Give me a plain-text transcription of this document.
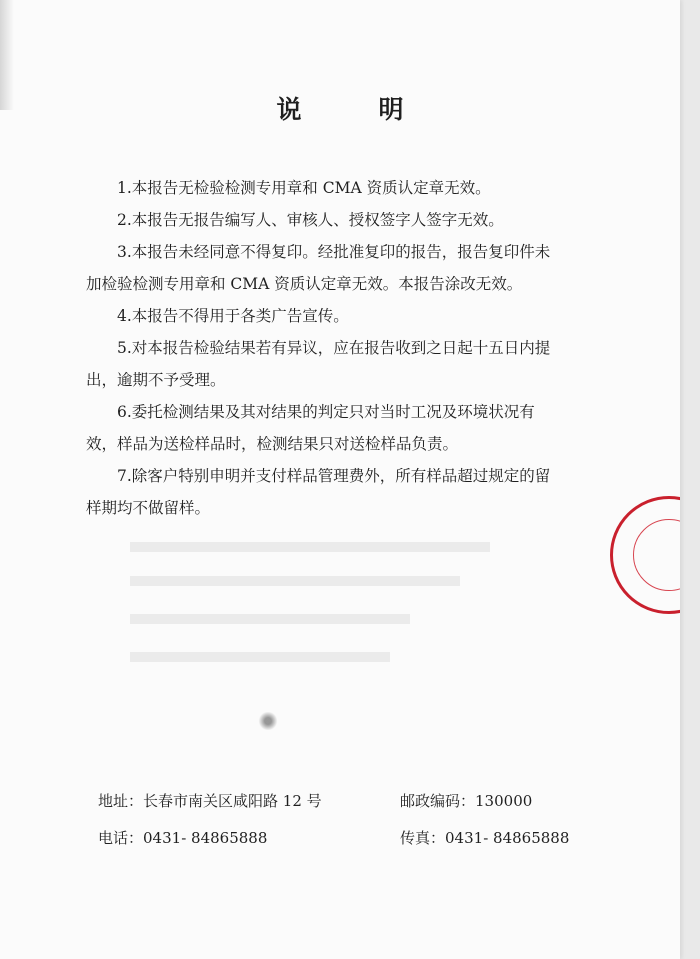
说　明

1.本报告无检验检测专用章和 CMA 资质认定章无效。

2.本报告无报告编写人、审核人、授权签字人签字无效。

3.本报告未经同意不得复印。经批准复印的报告，报告复印件未加检验检测专用章和 CMA 资质认定章无效。本报告涂改无效。

4.本报告不得用于各类广告宣传。

5.对本报告检验结果若有异议，应在报告收到之日起十五日内提出，逾期不予受理。

6.委托检测结果及其对结果的判定只对当时工况及环境状况有效，样品为送检样品时，检测结果只对送检样品负责。

7.除客户特别申明并支付样品管理费外，所有样品超过规定的留样期均不做留样。

地址：长春市南关区咸阳路 12 号	邮政编码：130000
电话：0431- 84865888	传真：0431- 84865888
